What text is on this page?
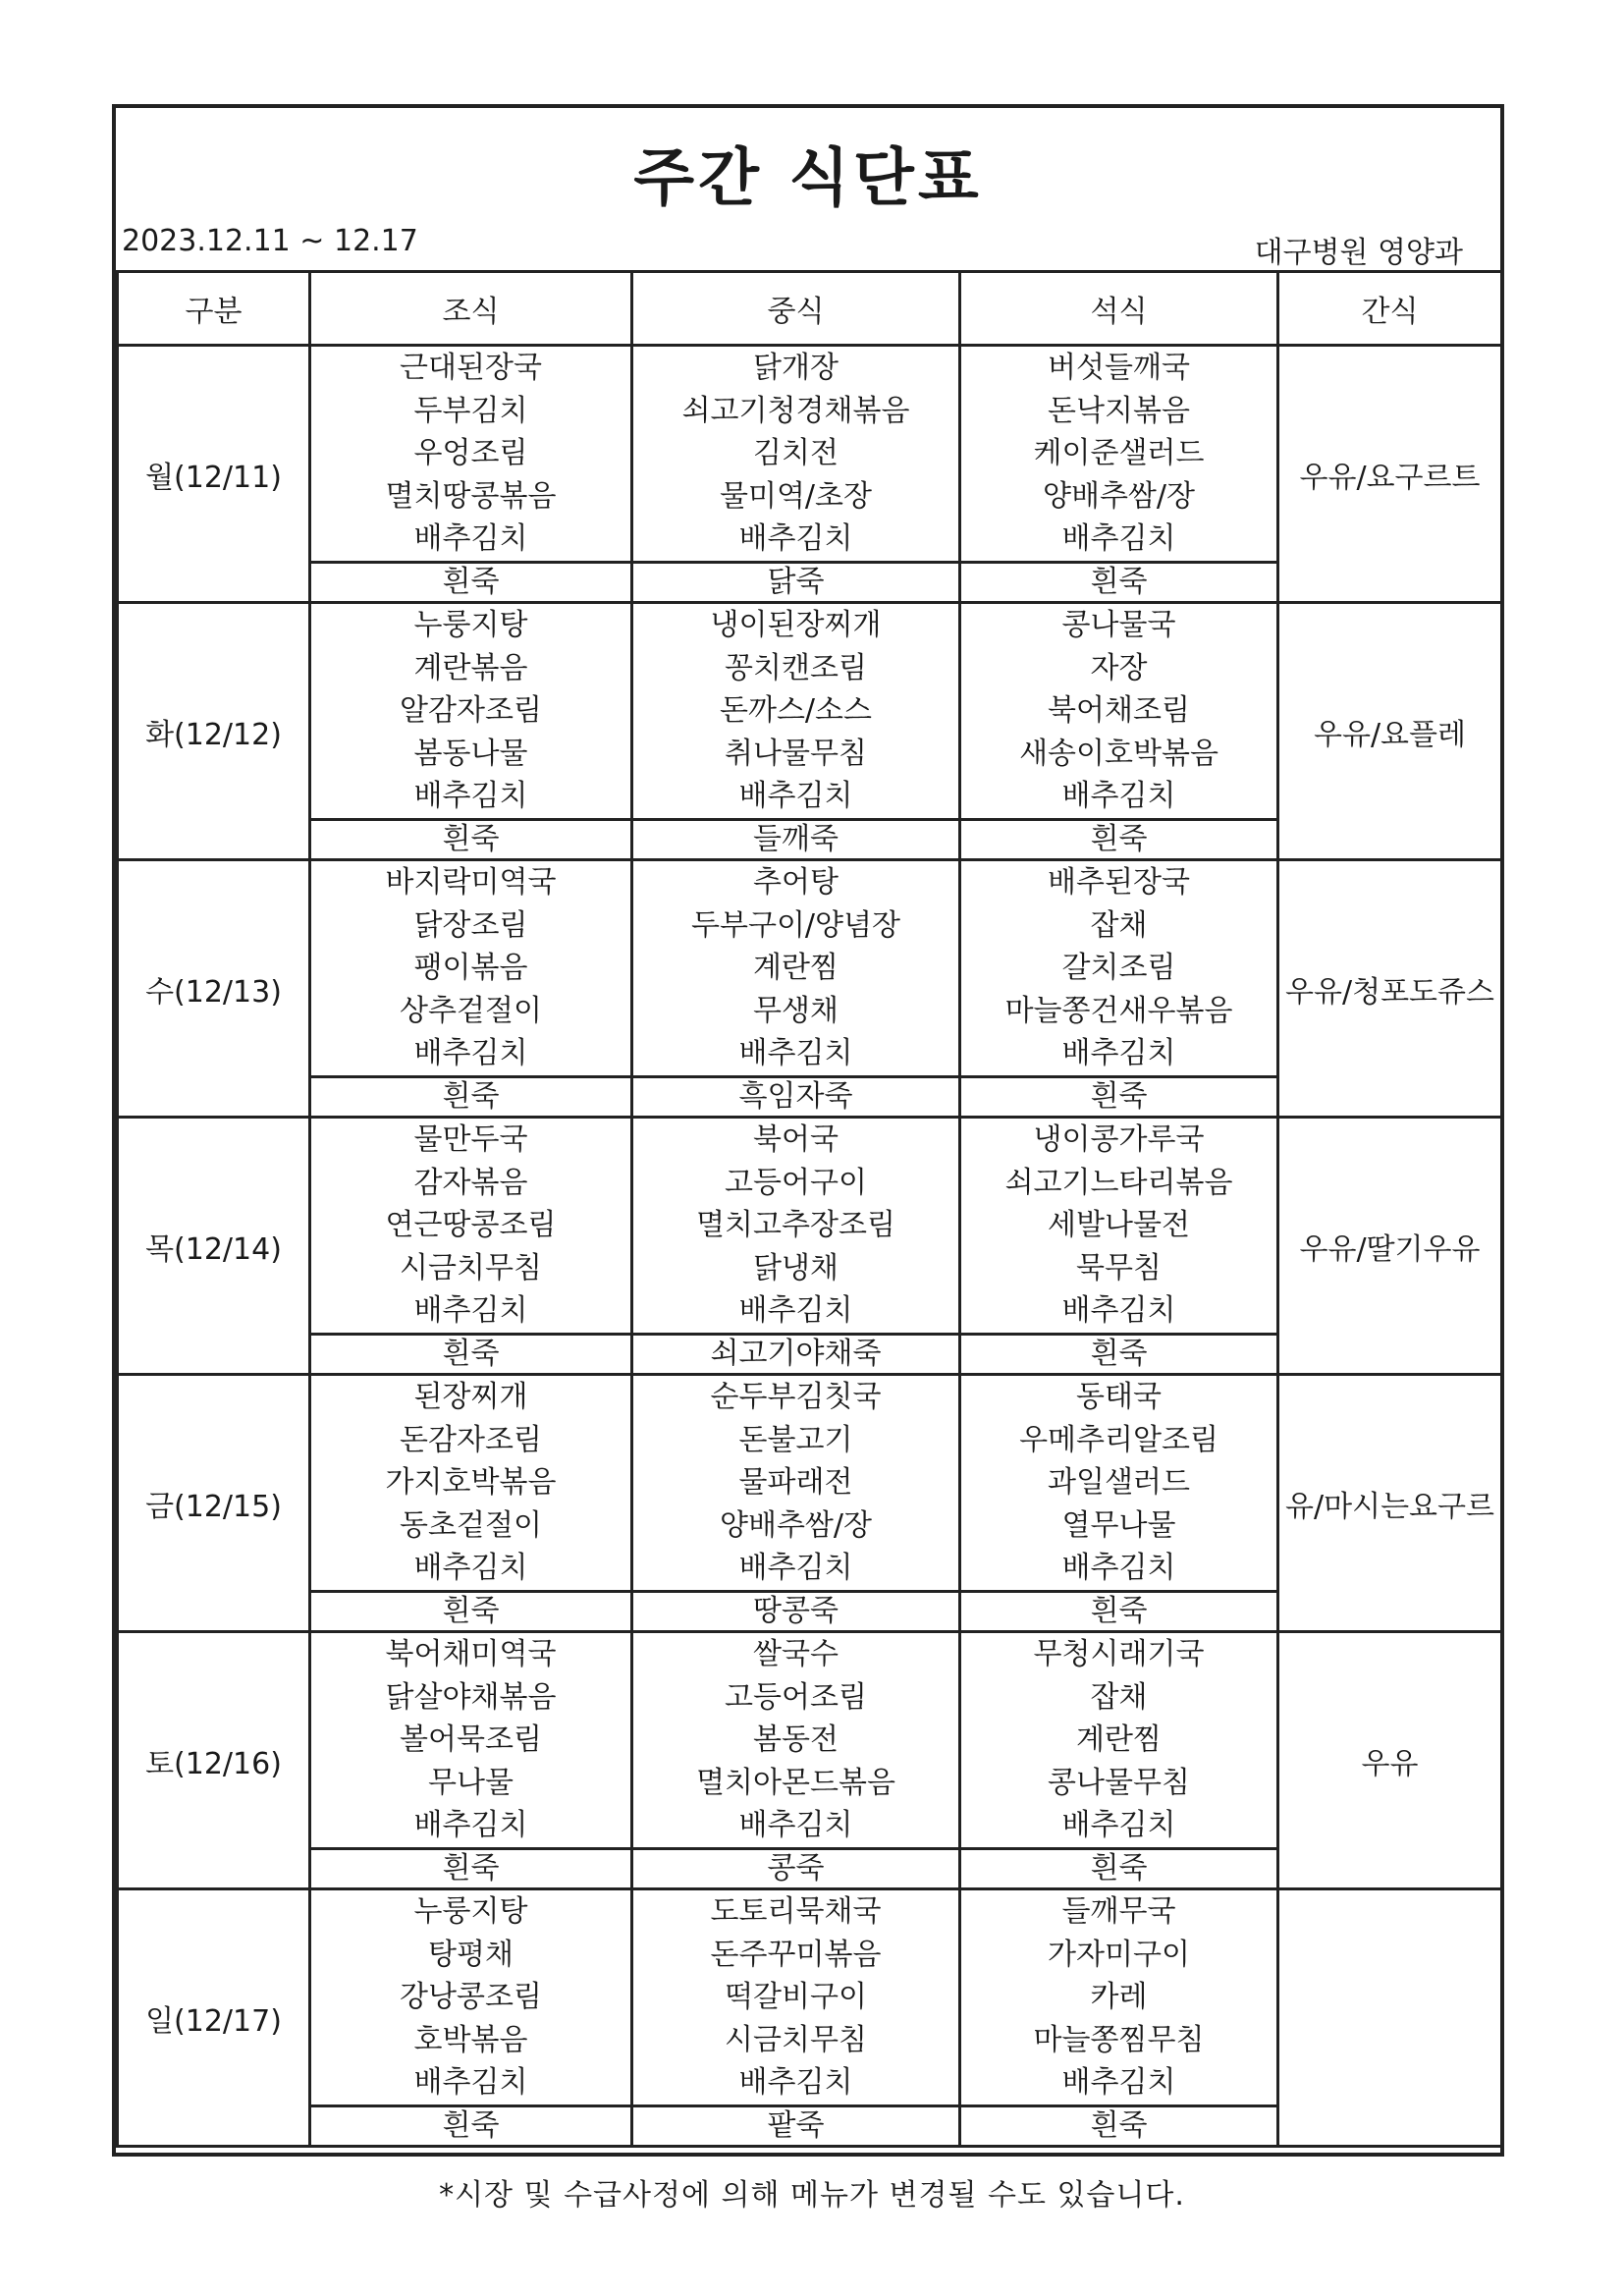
주간 식단표
2023.12.11 ~ 12.17	대구병원 영양과
구분	조식	중식	석식	간식
월(12/11)	근대된장국
두부김치
우엉조림
멸치땅콩볶음
배추김치	닭개장
쇠고기청경채볶음
김치전
물미역/초장
배추김치	버섯들깨국
돈낙지볶음
케이준샐러드
양배추쌈/장
배추김치	우유/요구르트
	흰죽	닭죽	흰죽	
화(12/12)	누룽지탕
계란볶음
알감자조림
봄동나물
배추김치	냉이된장찌개
꽁치캔조림
돈까스/소스
취나물무침
배추김치	콩나물국
자장
북어채조림
새송이호박볶음
배추김치	우유/요플레
	흰죽	들깨죽	흰죽	
수(12/13)	바지락미역국
닭장조림
팽이볶음
상추겉절이
배추김치	추어탕
두부구이/양념장
계란찜
무생채
배추김치	배추된장국
잡채
갈치조림
마늘쫑건새우볶음
배추김치	우유/청포도쥬스
	흰죽	흑임자죽	흰죽	
목(12/14)	물만두국
감자볶음
연근땅콩조림
시금치무침
배추김치	북어국
고등어구이
멸치고추장조림
닭냉채
배추김치	냉이콩가루국
쇠고기느타리볶음
세발나물전
묵무침
배추김치	우유/딸기우유
	흰죽	쇠고기야채죽	흰죽	
금(12/15)	된장찌개
돈감자조림
가지호박볶음
동초겉절이
배추김치	순두부김칫국
돈불고기
물파래전
양배추쌈/장
배추김치	동태국
우메추리알조림
과일샐러드
열무나물
배추김치	유/마시는요구르
	흰죽	땅콩죽	흰죽	
토(12/16)	북어채미역국
닭살야채볶음
볼어묵조림
무나물
배추김치	쌀국수
고등어조림
봄동전
멸치아몬드볶음
배추김치	무청시래기국
잡채
계란찜
콩나물무침
배추김치	우유
	흰죽	콩죽	흰죽	
일(12/17)	누룽지탕
탕평채
강낭콩조림
호박볶음
배추김치	도토리묵채국
돈주꾸미볶음
떡갈비구이
시금치무침
배추김치	들깨무국
가자미구이
카레
마늘쫑찜무침
배추김치	

	흰죽	팥죽	흰죽	
*시장 및 수급사정에 의해 메뉴가 변경될 수도 있습니다.
